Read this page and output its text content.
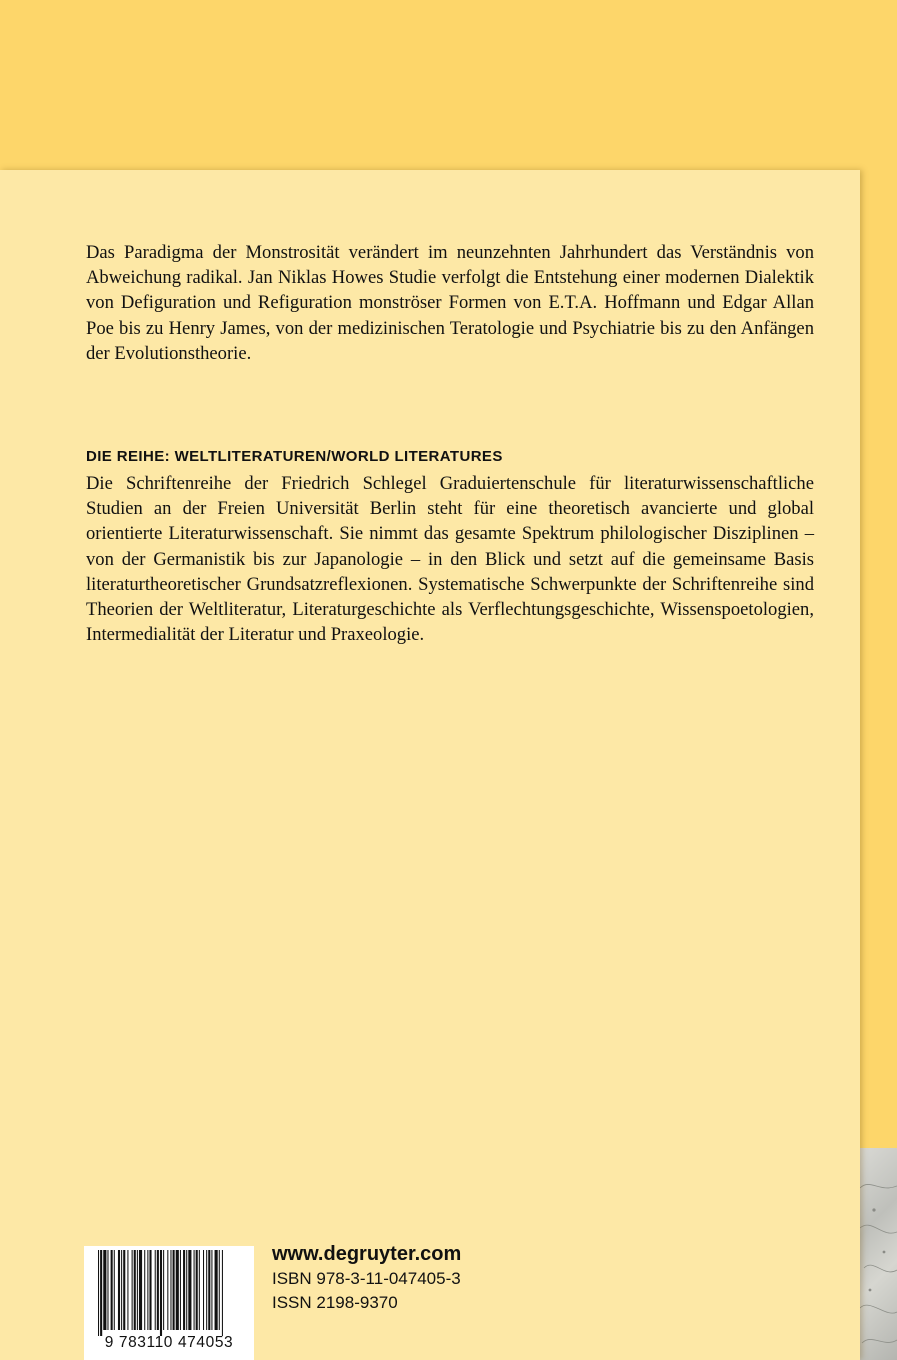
Das Paradigma der Monstrosität verändert im neunzehnten Jahrhundert das Verständnis von Abweichung radikal. Jan Niklas Howes Studie verfolgt die Entstehung einer modernen Dialektik von Defiguration und Refiguration monströser Formen von E.T.A. Hoffmann und Edgar Allan Poe bis zu Henry James, von der medizinischen Teratologie und Psychiatrie bis zu den Anfängen der Evolutionstheorie.

DIE REIHE: WELTLITERATUREN/WORLD LITERATURES

Die Schriftenreihe der Friedrich Schlegel Graduiertenschule für literaturwissenschaftliche Studien an der Freien Universität Berlin steht für eine theoretisch avancierte und global orientierte Literaturwissenschaft. Sie nimmt das gesamte Spektrum philologischer Disziplinen – von der Germanistik bis zur Japanologie – in den Blick und setzt auf die gemeinsame Basis literaturtheoretischer Grundsatzreflexionen. Systematische Schwerpunkte der Schriftenreihe sind Theorien der Weltliteratur, Literaturgeschichte als Verflechtungsgeschichte, Wissenspoetologien, Intermedialität der Literatur und Praxeologie.

9 783110 474053
www.degruyter.com
ISBN 978-3-11-047405-3
ISSN 2198-9370
